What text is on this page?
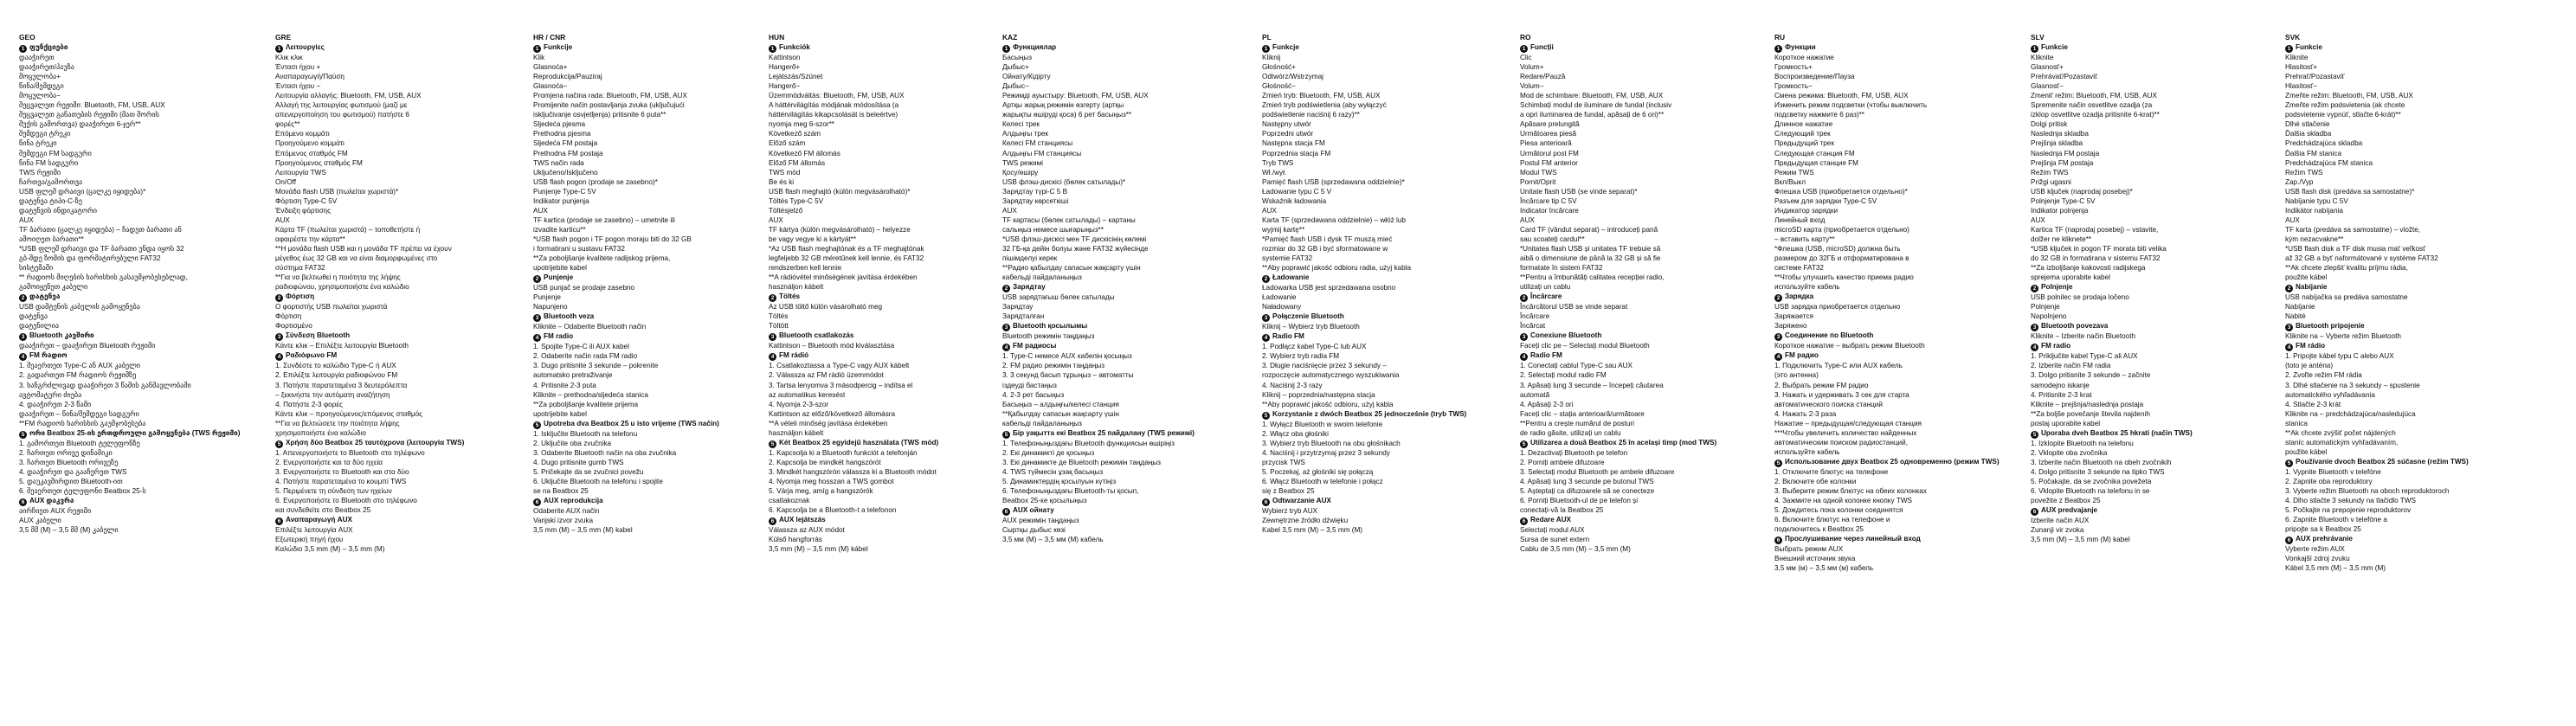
GEO
1 ფუნქციები
დააჭირეთ
დააჭირეთ/პაუზა
მოცულობა+
წინა/შემდეგი
მოცულობა−
შეცვალეთ რეჟიმი: Bluetooth, FM, USB, AUX
შეცვალეთ განათების რეჟიმი (მათ შორის
შუქის გამორთვა) დააჭირეთ 6-ჯერ**
შემდეგი ტრეკი
წინა ტრეკი
შემდეგი FM სადგური
წინა FM სადგური
TWS რეჟიმი
ჩართვა/გამორთვა
USB ფლეშ დრაივი (ცალკე იყიდება)*
დატენვა ტიპი-C-ზე
დატენვის ინდიკატორი
AUX
TF ბარათი (ცალკე იყიდება) – ჩადეთ ბარათი ან
ამოიღეთ ბარათი**
*USB ფლეშ დრაივი და TF ბარათი უნდა იყოს 32
გბ-მდე ზომის და ფორმატირებული FAT32
სისტემაში
** რადიოს მიღების ხარისხის გასაუმჯობესებლად,
გამოიყენეთ კაბელი
2 დატენვა
USB დამტენის კაბელის გამოყენება
დატენვა
დატენილია
3 Bluetooth კავშირი
დააჭირეთ – დააჭირეთ Bluetooth რეჟიმი
4 FM რადიო
1. შეაერთეთ Type-C ან AUX კაბელი
2. გადართეთ FM რადიოს რეჟიმზე
3. ხანგრძლივად დააჭირეთ 3 წამის განმავლობაში
ავტომატური ძიება
4. დააჭირეთ 2-3 წამი
დააჭირეთ – წინა/შემდეგი სადგური
**FM რადიოს ხარისხის გაუმჯობესება
5 ორი Beatbox 25-ის ერთდროული გამოყენება (TWS რეჟიმი)
1. გამორთეთ Bluetooth ტელეფონზე
2. ჩართეთ ორივე დინამიკი
3. ჩართეთ Bluetooth ორივეზე
4. დააჭირეთ და გააჩერეთ TWS
5. დაუკავშირდით Bluetooth-ით
6. შეაერთეთ ტელეფონი Beatbox 25-ს
6 AUX დაკვრა
აირჩიეთ AUX რეჟიმი
AUX კაბელი
3,5 მმ (M) – 3,5 მმ (M) კაბელი
GRE
1 Λειτουργίες
Κλικ κλικ
Έντασι ήχου +
Αναπαραγωγή/Παύση
Έντασι ήχου −
Λειτουργία αλλαγής: Bluetooth, FM, USB, AUX
Αλλαγή της λειτουργίας φωτισμού (μαζί με
απενεργοποίηση του φωτισμού) πατήστε 6
φορές**
Επόμενο κομμάτι
Προηγούμενο κομμάτι
Επόμενος σταθμός FM
Προηγούμενος σταθμός FM
Λειτουργία TWS
On/Off
Μονάδα flash USB (πωλείται χωριστά)*
Φόρτιση Type-C 5V
Ένδειξη φόρτισης
AUX
Κάρτα TF (πωλείται χωριστά) – τοποθετήστε ή
αφαιρέστε την κάρτα**
**Η μονάδα flash USB και η μονάδα TF πρέπει να έχουν
μέγεθος έως 32 GB και να είναι διαμορφωμένες στο
σύστημα FAT32
**Για να βελτιωθεί η ποιότητα της λήψης
ραδιοφώνου, χρησιμοποιήστε ένα καλώδιο
2 Φόρτιση
Ο φορτιστής USB πωλείται χωριστά
Φόρτιση
Φορτισμένο
3 Σύνδεση Bluetooth
Κάντε κλικ – Επιλέξτε λειτουργία Bluetooth
4 Ραδιόφωνο FM
1. Συνδέστε το καλώδιο Type-C ή AUX
2. Επιλέξτε λειτουργία ραδιοφώνου FM
3. Πατήστε παρατεταμένα 3 δευτερόλεπτα
– ξεκινήστε την αυτόματη αναζήτηση
4. Πατήστε 2-3 φορές
Κάντε κλικ – προηγούμενος/επόμενος σταθμός
**Για να βελτιώσετε την ποιότητα λήψης
χρησιμοποιήστε ένα καλώδιο
5 Χρήση δύο Beatbox 25 ταυτόχρονα (λειτουργία TWS)
1. Απενεργοποιήστε το Bluetooth στο τηλέφωνο
2. Ενεργοποιήστε και τα δύο ηχεία
3. Ενεργοποιήστε το Bluetooth και στα δύο
4. Πατήστε παρατεταμένα το κουμπί TWS
5. Περιμένετε τη σύνδεση των ηχείων
6. Ενεργοποιήστε το Bluetooth στο τηλέφωνο
και συνδεθείτε στο Beatbox 25
6 Αναπαραγωγή AUX
Επιλέξτε λειτουργία AUX
Εξωτερική πηγή ήχου
Καλώδιο 3,5 mm (M) – 3,5 mm (M)
HR / CNR
1 Funkcije
Klik
Glasnoća+
Reprodukcija/Pauziraj
Glasnoća−
Promjena načina rada: Bluetooth, FM, USB, AUX
Promijenite način postavljanja zvuka (uključujući
isključivanje osvjetljenja) pritisnite 6 puta**
Sljedeća pjesma
Prethodna pjesma
Sljedeća FM postaja
Prethodna FM postaja
TWS način rada
Uključeno/Isključeno
USB flash pogon (prodaje se zasebno)*
Punjenje Type-C 5V
Indikator punjenja
AUX
TF kartica (prodaje se zasebno) – umetnite ili
izvadite karticu**
*USB flash pogon i TF pogon moraju biti do 32 GB
i formatirani u sustavu FAT32
**Za poboljšanje kvalitete radijskog prijema,
upotrijebite kabel
2 Punjenje
USB punjač se prodaje zasebno
Punjenje
Napunjeno
3 Bluetooth veza
Kliknite – Odaberite Bluetooth način
4 FM radio
1. Spojite Type-C ili AUX kabel
2. Odaberite način rada FM radio
3. Dugo pritisnite 3 sekunde – pokrenite
automatsko pretraživanje
4. Pritisnite 2-3 puta
Kliknite – prethodna/sljedeća stanica
**Za poboljšanje kvalitete prijema
upotrijebite kabel
5 Upotreba dva Beatbox 25 u isto vrijeme (TWS način)
1. Isključite Bluetooth na telefonu
2. Uključite oba zvučnika
3. Odaberite Bluetooth način na oba zvučnika
4. Dugo pritisnite gumb TWS
5. Pričekajte da se zvučnici povežu
6. Uključite Bluetooth na telefonu i spojite
se na Beatbox 25
6 AUX reprodukcija
Odaberite AUX način
Vanjski izvor zvuka
3,5 mm (M) – 3,5 mm (M) kabel
HUN
1 Funkciók
Kattintson
Hangerő+
Lejátszás/Szünet
Hangerő−
Üzemmódváltás: Bluetooth, FM, USB, AUX
A háttérvilágítás módjának módosítása (a
háttérvilágítás kikapcsolását is beleértve)
nyomja meg 6-szor**
Következő szám
Előző szám
Következő FM állomás
Előző FM állomás
TWS mód
Be és ki
USB flash meghajtó (külön megvásárolható)*
Töltés Type-C 5V
Töltésjelző
AUX
TF kártya (külön megvásárolható) – helyezze
be vagy vegye ki a kártyát**
*Az USB flash meghajtónak és a TF meghajtónak
legfeljebb 32 GB méretűnek kell lennie, és FAT32
rendszerben kell lennie
**A rádióvétel minőségének javítása érdekében
használjon kábelt
2 Töltés
Az USB töltő külön vásárolható meg
Töltés
Töltött
3 Bluetooth csatlakozás
Kattintson – Bluetooth mód kiválasztása
4 FM rádió
1. Csatlakoztassa a Type-C vagy AUX kábelt
2. Válassza az FM rádió üzemmódot
3. Tartsa lenyomva 3 másodpercig – indítsa el
az automatikus keresést
4. Nyomja 2-3-szor
Kattintson az előző/következő állomásra
**A vételi minőség javítása érdekében
használjon kábelt
5 Két Beatbox 25 egyidejű használata (TWS mód)
1. Kapcsolja ki a Bluetooth funkciót a telefonján
2. Kapcsolja be mindkét hangszórót
3. Mindkét hangszórón válassza ki a Bluetooth módot
4. Nyomja meg hosszan a TWS gombot
5. Várja meg, amíg a hangszórók
csatlakoznak
6. Kapcsolja be a Bluetooth-t a telefonon
6 AUX lejátszás
Válassza az AUX módot
Külső hangforrás
3,5 mm (M) – 3,5 mm (M) kábel
KAZ
1 Функциялар
Басыңыз
Дыбыс+
Ойнату/Кідірту
Дыбыс−
Режимді ауыстыру: Bluetooth, FM, USB, AUX
Артқы жарық режимін өзгерту (артқы
жарықты өшіруді қоса) 6 рет басыңыз**
Келесі трек
Алдыңғы трек
Келесі FM станциясы
Алдыңғы FM станциясы
TWS режимі
Қосу/өшіру
USB флэш-дискісі (бөлек сатылады)*
Зарядтау түрі-C 5 В
Зарядтау көрсеткіші
AUX
TF картасы (бөлек сатылады) – картаны
салыңыз немесе шығарыңыз**
*USB флэш-дискісі мен TF дискісінің көлемі
32 ГБ-қа дейін болуы және FAT32 жүйесінде
пішімделуі керек
**Радио қабылдау сапасын жақсарту үшін
кабельді пайдаланыңыз
2 Зарядтау
USB зарядтағыш бөлек сатылады
Зарядтау
Зарядталған
3 Bluetooth қосылымы
Bluetooth режимін таңдаңыз
4 FM радиосы
1. Type-C немесе AUX кабелін қосыңыз
2. FM радио режимін таңдаңыз
3. 3 секунд басып тұрыңыз – автоматты
іздеуді бастаңыз
4. 2-3 рет басыңыз
Басыңыз – алдыңғы/келесі станция
**Қабылдау сапасын жақсарту үшін
кабельді пайдаланыңыз
5 Бір уақытта екі Beatbox 25 пайдалану (TWS режимі)
1. Телефоныңыздағы Bluetooth функциясын өшіріңіз
2. Екі динамикті де қосыңыз
3. Екі динамикте де Bluetooth режимін таңдаңыз
4. TWS түймесін ұзақ басыңыз
5. Динамиктердің қосылуын күтіңіз
6. Телефоныңыздағы Bluetooth-ты қосып,
Beatbox 25-ке қосылыңыз
6 AUX ойнату
AUX режимін таңдаңыз
Сыртқы дыбыс көзі
3,5 мм (M) – 3,5 мм (M) кабель
PL
1 Funkcje
Kliknij
Głośność+
Odtwórz/Wstrzymaj
Głośność−
Zmień tryb: Bluetooth, FM, USB, AUX
Zmień tryb podświetlenia (aby wyłączyć
podświetlenie naciśnij 6 razy)**
Następny utwór
Poprzedni utwór
Następna stacja FM
Poprzednia stacja FM
Tryb TWS
Wł./wył.
Pamięć flash USB (sprzedawana oddzielnie)*
Ładowanie typu C 5 V
Wskaźnik ładowania
AUX
Karta TF (sprzedawana oddzielnie) – włóż lub
wyjmij kartę**
*Pamięć flash USB i dysk TF muszą mieć
rozmiar do 32 GB i być sformatowane w
systemie FAT32
**Aby poprawić jakość odbioru radia, użyj kabla
2 Ładowanie
Ładowarka USB jest sprzedawana osobno
Ładowanie
Naładowany
3 Połączenie Bluetooth
Kliknij – Wybierz tryb Bluetooth
4 Radio FM
1. Podłącz kabel Type-C lub AUX
2. Wybierz tryb radia FM
3. Długie naciśnięcie przez 3 sekundy –
rozpoczęcie automatycznego wyszukiwania
4. Naciśnij 2-3 razy
Kliknij – poprzednia/następna stacja
**Aby poprawić jakość odbioru, użyj kabla
5 Korzystanie z dwóch Beatbox 25 jednocześnie (tryb TWS)
1. Wyłącz Bluetooth w swoim telefonie
2. Włącz oba głośniki
3. Wybierz tryb Bluetooth na obu głośnikach
4. Naciśnij i przytrzymaj przez 3 sekundy
przycisk TWS
5. Poczekaj, aż głośniki się połączą
6. Włącz Bluetooth w telefonie i połącz
się z Beatbox 25
6 Odtwarzanie AUX
Wybierz tryb AUX
Zewnętrzne źródło dźwięku
Kabel 3,5 mm (M) – 3,5 mm (M)
RO
1 Funcții
Clic
Volum+
Redare/Pauză
Volum−
Mod de schimbare: Bluetooth, FM, USB, AUX
Schimbați modul de iluminare de fundal (inclusiv
a opri iluminarea de fundal, apăsați de 6 ori)**
Apăsare prelungită
Următoarea piesă
Piesa anterioară
Următorul post FM
Postul FM anterior
Modul TWS
Pornit/Oprit
Unitate flash USB (se vinde separat)*
Încărcare tip C 5V
Indicator încărcare
AUX
Card TF (vândut separat) – introduceți pană
sau scoateți cardul**
*Unitatea flash USB și unitatea TF trebuie să
aibă o dimensiune de până la 32 GB și să fie
formatate în sistem FAT32
**Pentru a îmbunătăți calitatea recepției radio,
utilizați un cablu
2 Încărcare
Încărcătorul USB se vinde separat
Încărcare
Încărcat
3 Conexiune Bluetooth
Faceți clic pe – Selectați modul Bluetooth
4 Radio FM
1. Conectați cablul Type-C sau AUX
2. Selectați modul radio FM
3. Apăsați lung 3 secunde – începeți căutarea
automată
4. Apăsați 2-3 ori
Faceți clic – stația anterioară/următoare
**Pentru a crește numărul de posturi
de radio găsite, utilizați un cablu
5 Utilizarea a două Beatbox 25 în același timp (mod TWS)
1. Dezactivați Bluetooth pe telefon
2. Porniți ambele difuzoare
3. Selectați modul Bluetooth pe ambele difuzoare
4. Apăsați lung 3 secunde pe butonul TWS
5. Așteptați ca difuzoarele să se conecteze
6. Porniți Bluetooth-ul de pe telefon și
conectați-vă la Beatbox 25
6 Redare AUX
Selectați modul AUX
Sursa de sunet extern
Cablu de 3,5 mm (M) – 3,5 mm (M)
RU
1 Функции
Короткое нажатие
Громкость+
Воспроизведение/Пауза
Громкость−
Смена режима: Bluetooth, FM, USB, AUX
Изменить режим подсветки (чтобы выключить
подсветку нажмите 6 раз)**
Длинное нажатие
Следующий трек
Предыдущий трек
Следующая станция FM
Предыдущая станция FM
Режим TWS
Вкл/Выкл
Флешка USB (приобретается отдельно)*
Разъем для зарядки Type-C 5V
Индикатор зарядки
Линейный вход
microSD карта (приобретается отдельно)
– вставить карту**
*Флешка (USB, microSD) должна быть
размером до 32ГБ и отформатирована в
системе FAT32
**Чтобы улучшить качество приема радио
используйте кабель
2 Зарядка
USB зарядка приобретается отдельно
Заряжается
Заряжено
3 Соединение по Bluetooth
Короткое нажатие – выбрать режим Bluetooth
4 FM радио
1. Подключить Type-C или AUX кабель
(это антенна)
2. Выбрать режим FM радио
3. Нажать и удерживать 3 сек для старта
автоматического поиска станций
4. Нажать 2-3 раза
Нажатие – предыдущая/следующая станция
***Чтобы увеличить количество найденных
автоматическим поиском радиостанций,
используйте кабель
5 Использование двух Beatbox 25 одновременно (режим TWS)
1. Отключите блютус на телефоне
2. Включите обе колонки
3. Выберите режим блютус на обеих колонках
4. Зажмите на одной колонке кнопку TWS
5. Дождитесь пока колонки соединятся
6. Включите блютус на телефоне и
подключитесь к Beatbox 25
6 Прослушивание через линейный вход
Выбрать режим AUX
Внешний источник звука
3,5 мм (м) – 3,5 мм (м) кабель
SLV
1 Funkcie
Kliknite
Glasnosť+
Prehrávať/Pozastaviť
Glasnosť−
Zmeniť režim: Bluetooth, FM, USB, AUX
Spremenite način osvetlitve ozadja (za
izklop osvetlitve ozadja pritisnite 6-krat)**
Dolgi pritisk
Naslednja skladba
Prejšnja skladba
Naslednja FM postaja
Prejšnja FM postaja
Režim TWS
Prižgi ugasni
USB ključek (naprodaj posebej)*
Polnjenje Type-C 5V
Indikator polnjenja
AUX
Kartica TF (naprodaj posebej) – vstavite,
dolžer ne kliknete**
*USB ključek in pogon TF morata biti velika
do 32 GB in formatirana v sistemu FAT32
**Za izboljšanje kakovosti radijskega
sprejema uporabite kabel
2 Polnjenje
USB polnilec se prodaja ločeno
Polnjenje
Napolnjeno
3 Bluetooth povezava
Kliknite – Izberite način Bluetooth
4 FM radio
1. Priključite kabel Type-C ali AUX
2. Izberite način FM radia
3. Dolgo pritisnite 3 sekunde – začnite
samodejno iskanje
4. Pritisnite 2-3 krat
Kliknite – prejšnja/naslednja postaja
**Za boljše povečanje števila najdenih
postaj uporabite kabel
5 Uporaba dveh Beatbox 25 hkrati (način TWS)
1. Izklopite Bluetooth na telefonu
2. Vklopite oba zvočnika
3. Izberite način Bluetooth na obeh zvočnikih
4. Dolgo pritisnite 3 sekunde na tipko TWS
5. Počakajte, da se zvočnika povežeta
6. Vklopite Bluetooth na telefonu in se
povežite z Beatbox 25
6 AUX predvajanje
Izberite način AUX
Zunanji vir zvoka
3,5 mm (M) – 3,5 mm (M) kabel
SVK
1 Funkcie
Kliknite
Hlasitosť+
Prehrať/Pozastaviť
Hlasitosť−
Zmeňte režim: Bluetooth, FM, USB, AUX
Zmeňte režim podsvietenia (ak chcete
podsvietenie vypnúť, stlačte 6-krát)**
Dlhé stlačenie
Ďalšia skladba
Predchádzajúca skladba
Ďalšia FM stanica
Predchádzajúca FM stanica
Režim TWS
Zap./Vyp
USB flash disk (predáva sa samostatne)*
Nabíjanie typu C 5V
Indikátor nabíjania
AUX
TF karta (predáva sa samostatne) – vložte,
kým nezacvakne**
*USB flash disk a TF disk musia mať veľkosť
až 32 GB a byť naformátované v systéme FAT32
**Ak chcete zlepšiť kvalitu príjmu rádia,
použite kábel
2 Nabíjanie
USB nabíjačka sa predáva samostatne
Nabíjanie
Nabité
3 Bluetooth pripojenie
Kliknite na – Vyberte režim Bluetooth
4 FM rádio
1. Pripojte kábel typu C alebo AUX
(toto je anténa)
2. Zvoľte režim FM rádia
3. Dlhé stlačenie na 3 sekundy – spustenie
automatického vyhľadávania
4. Stlačte 2-3 krát
Kliknite na – predchádzajúca/nasledujúca
stanica
**Ak chcete zvýšiť počet nájdených
staníc automatickým vyhľadávaním,
použite kábel
5 Používanie dvoch Beatbox 25 súčasne (režim TWS)
1. Vypnite Bluetooth v telefóne
2. Zapnite oba reproduktory
3. Vyberte režim Bluetooth na oboch reproduktoroch
4. Dlho stlačte 3 sekundy na tlačidlo TWS
5. Počkajte na prepojenie reproduktorov
6. Zapnite Bluetooth v telefóne a
pripojte sa k Beatbox 25
6 AUX prehrávanie
Vyberte režim AUX
Vonkajší zdroj zvuku
Kábel 3,5 mm (M) – 3,5 mm (M)
